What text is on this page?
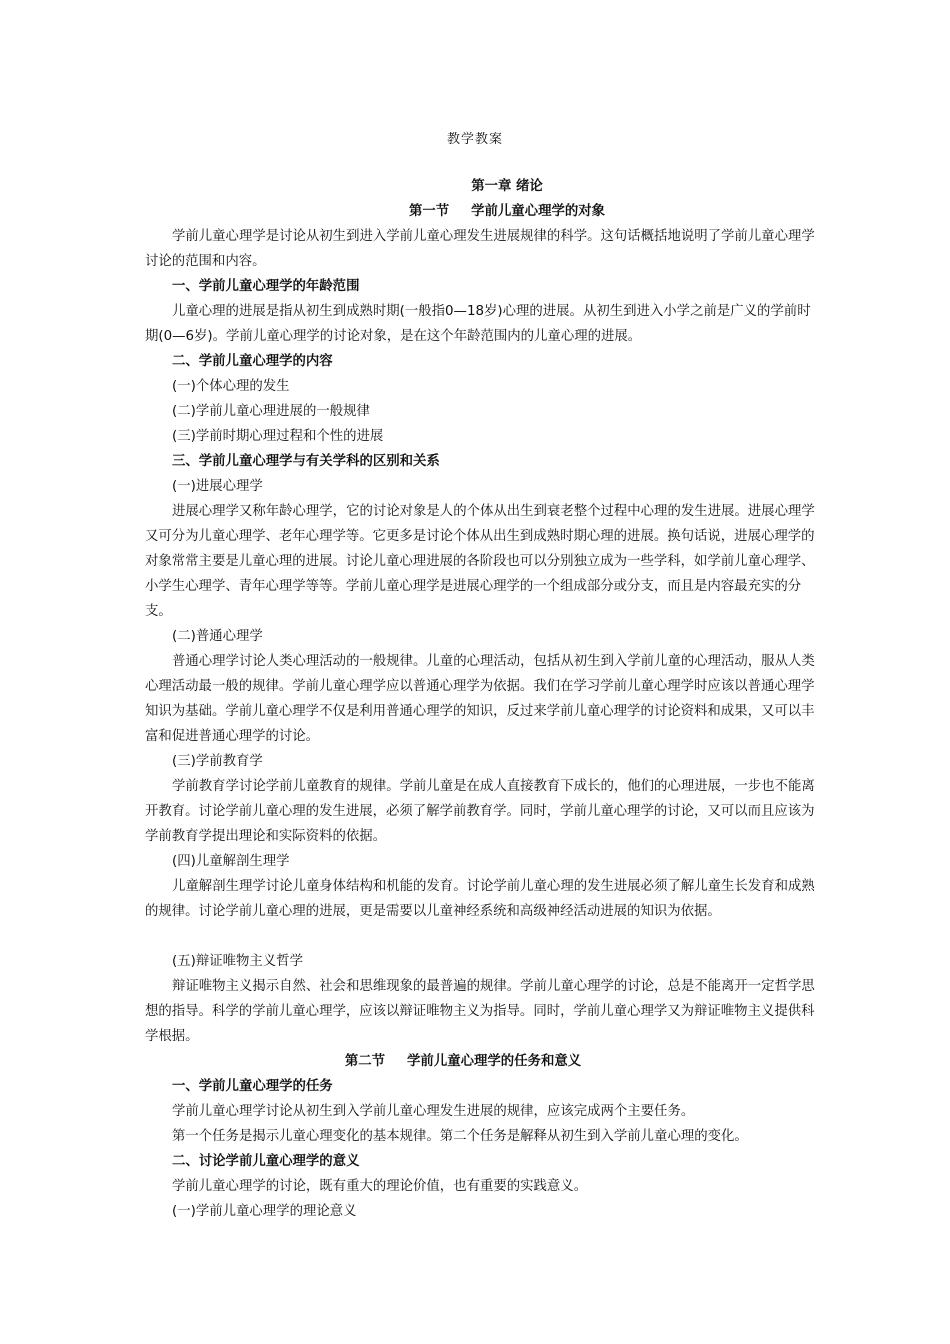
教学教案

第一章 绪论

第一节 学前儿童心理学的对象

学前儿童心理学是讨论从初生到进入学前儿童心理发生进展规律的科学。这句话概括地说明了学前儿童心理学讨论的范围和内容。

一、学前儿童心理学的年龄范围

儿童心理的进展是指从初生到成熟时期(一般指0—18岁)心理的进展。从初生到进入小学之前是广义的学前时期(0—6岁)。学前儿童心理学的讨论对象，是在这个年龄范围内的儿童心理的进展。

二、学前儿童心理学的内容

(一)个体心理的发生

(二)学前儿童心理进展的一般规律

(三)学前时期心理过程和个性的进展

三、学前儿童心理学与有关学科的区别和关系

(一)进展心理学

进展心理学又称年龄心理学，它的讨论对象是人的个体从出生到衰老整个过程中心理的发生进展。进展心理学又可分为儿童心理学、老年心理学等。它更多是讨论个体从出生到成熟时期心理的进展。换句话说，进展心理学的对象常常主要是儿童心理的进展。讨论儿童心理进展的各阶段也可以分别独立成为一些学科，如学前儿童心理学、小学生心理学、青年心理学等等。学前儿童心理学是进展心理学的一个组成部分或分支，而且是内容最充实的分支。

(二)普通心理学

普通心理学讨论人类心理活动的一般规律。儿童的心理活动，包括从初生到入学前儿童的心理活动，服从人类心理活动最一般的规律。学前儿童心理学应以普通心理学为依据。我们在学习学前儿童心理学时应该以普通心理学知识为基础。学前儿童心理学不仅是利用普通心理学的知识，反过来学前儿童心理学的讨论资料和成果，又可以丰富和促进普通心理学的讨论。

(三)学前教育学

学前教育学讨论学前儿童教育的规律。学前儿童是在成人直接教育下成长的，他们的心理进展，一步也不能离开教育。讨论学前儿童心理的发生进展，必须了解学前教育学。同时，学前儿童心理学的讨论，又可以而且应该为学前教育学提出理论和实际资料的依据。

(四)儿童解剖生理学

儿童解剖生理学讨论儿童身体结构和机能的发育。讨论学前儿童心理的发生进展必须了解儿童生长发育和成熟的规律。讨论学前儿童心理的进展，更是需要以儿童神经系统和高级神经活动进展的知识为依据。

(五)辩证唯物主义哲学

辩证唯物主义揭示自然、社会和思维现象的最普遍的规律。学前儿童心理学的讨论，总是不能离开一定哲学思想的指导。科学的学前儿童心理学，应该以辩证唯物主义为指导。同时，学前儿童心理学又为辩证唯物主义提供科学根据。

第二节 学前儿童心理学的任务和意义

一、学前儿童心理学的任务

学前儿童心理学讨论从初生到入学前儿童心理发生进展的规律，应该完成两个主要任务。

第一个任务是揭示儿童心理变化的基本规律。第二个任务是解释从初生到入学前儿童心理的变化。

二、讨论学前儿童心理学的意义

学前儿童心理学的讨论，既有重大的理论价值，也有重要的实践意义。

(一)学前儿童心理学的理论意义
